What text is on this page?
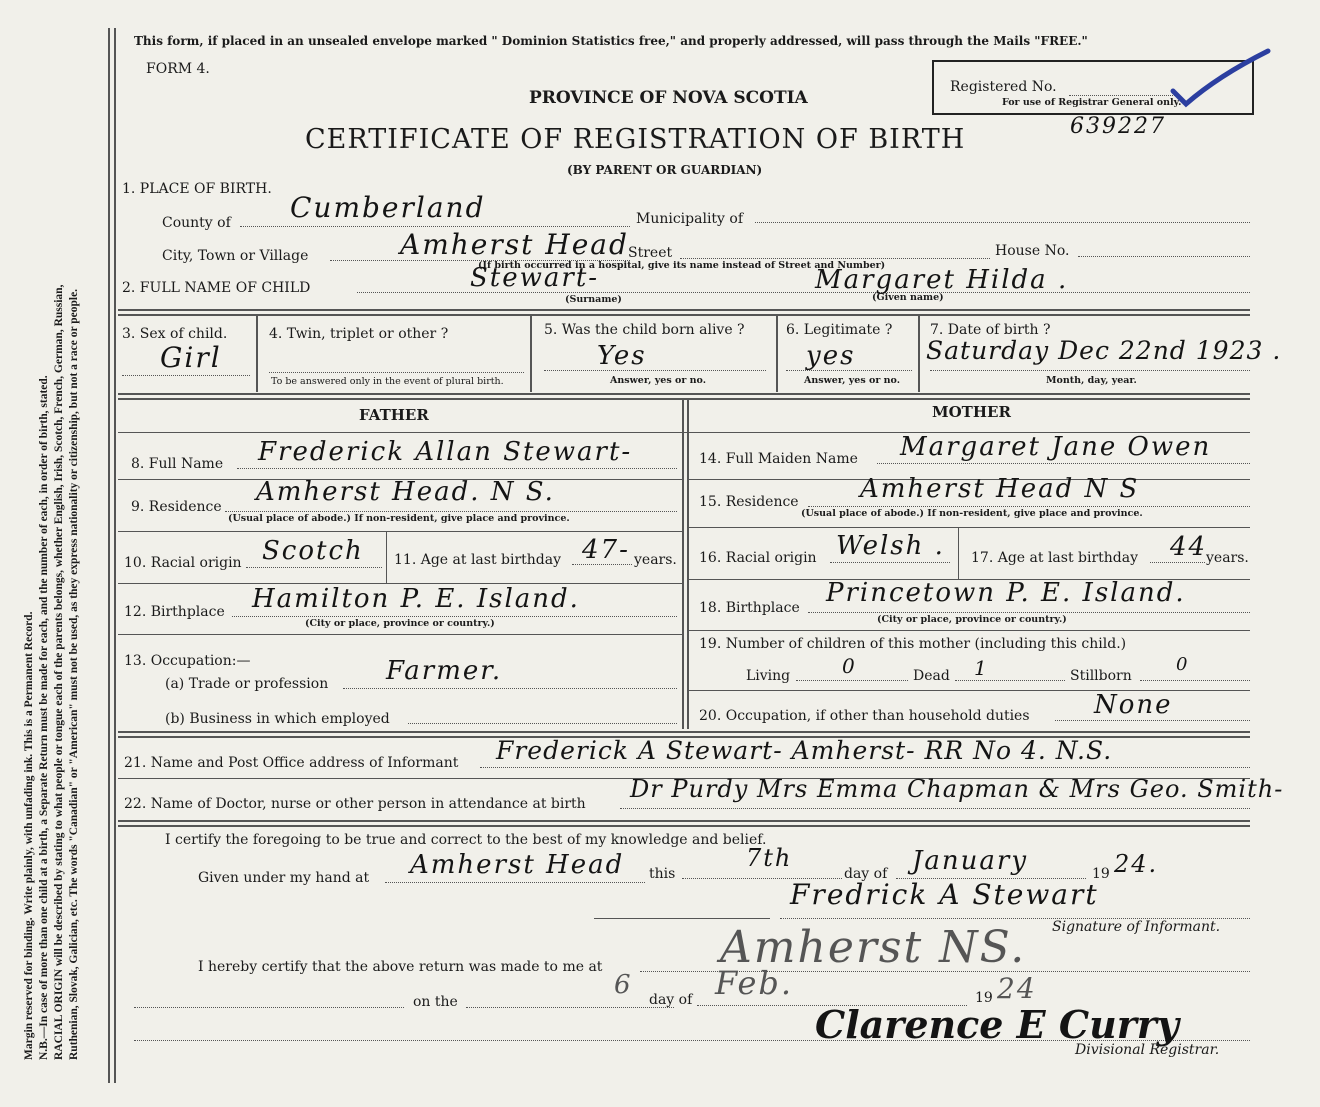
Margin reserved for binding. Write plainly, with unfading ink. This is a Permanent Record. N.B.—In case of more than one child at a birth, a Separate Return must be made for each, and the number of each, in order of birth, stated. RACIAL ORIGIN will be described by stating to what people or tongue each of the parents belongs, whether English, Irish, Scotch, French, German, Russian, Ruthenian, Slovak, Galician, etc. The words "Canadian" or "American" must not be used, as they express nationality or citizenship, but not a race or people.
This form, if placed in an unsealed envelope marked " Dominion Statistics free," and properly addressed, will pass through the Mails "FREE."
FORM 4.
PROVINCE OF NOVA SCOTIA
Registered No.
For use of Registrar General only.
CERTIFICATE OF REGISTRATION OF BIRTH	639227
(BY PARENT OR GUARDIAN)
1. PLACE OF BIRTH.
County of Cumberland	Municipality of
City, Town or Village	Amherst Head Street	House No.
(If birth occurred in a hospital, give its name instead of Street and Number)
2. FULL NAME OF CHILD	Stewart-
(Surname)
Margaret Hilda .
(Given name)
3. Sex of child.
Girl
4. Twin, triplet or other ?
To be answered only in the event of plural birth.
5. Was the child born alive ?
Yes
Answer, yes or no.
6. Legitimate ?
yes
Answer, yes or no.
7. Date of birth ?
Saturday Dec 22nd 1923 .
Month, day, year.
FATHER	MOTHER
8. Full Name Frederick Allan Stewart-
9. Residence Amherst Head. N S.
(Usual place of abode.) If non-resident, give place and province.
10. Racial origin Scotch 11. Age at last birthday 47- years.
12. Birthplace Hamilton P. E. Island.
(City or place, province or country.)
13. Occupation:—
(a) Trade or profession Farmer.
(b) Business in which employed
14. Full Maiden Name Margaret Jane Owen
15. Residence Amherst Head N S
(Usual place of abode.) If non-resident, give place and province.
16. Racial origin Welsh . 17. Age at last birthday 44
years.
18. Birthplace Princetown P. E. Island.
(City or place, province or country.)
19. Number of children of this mother (including this child.)
Living	0	Dead 1	Stillborn
0
20. Occupation, if other than household duties None
21. Name and Post Office address of Informant Frederick A Stewart- Amherst- RR No 4. N.S.
22. Name of Doctor, nurse or other person in attendance at birth
Dr Purdy Mrs Emma Chapman & Mrs Geo. Smith-
I certify the foregoing to be true and correct to the best of my knowledge and belief.
Given under my hand at Amherst Head this
7th
day of January	19 24.
Fredrick A Stewart
Signature of Informant.
I hereby certify that the above return was made to me at	Amherst NS.
on the
6 day of Feb.	19 24
Clarence E Curry
Divisional Registrar.
